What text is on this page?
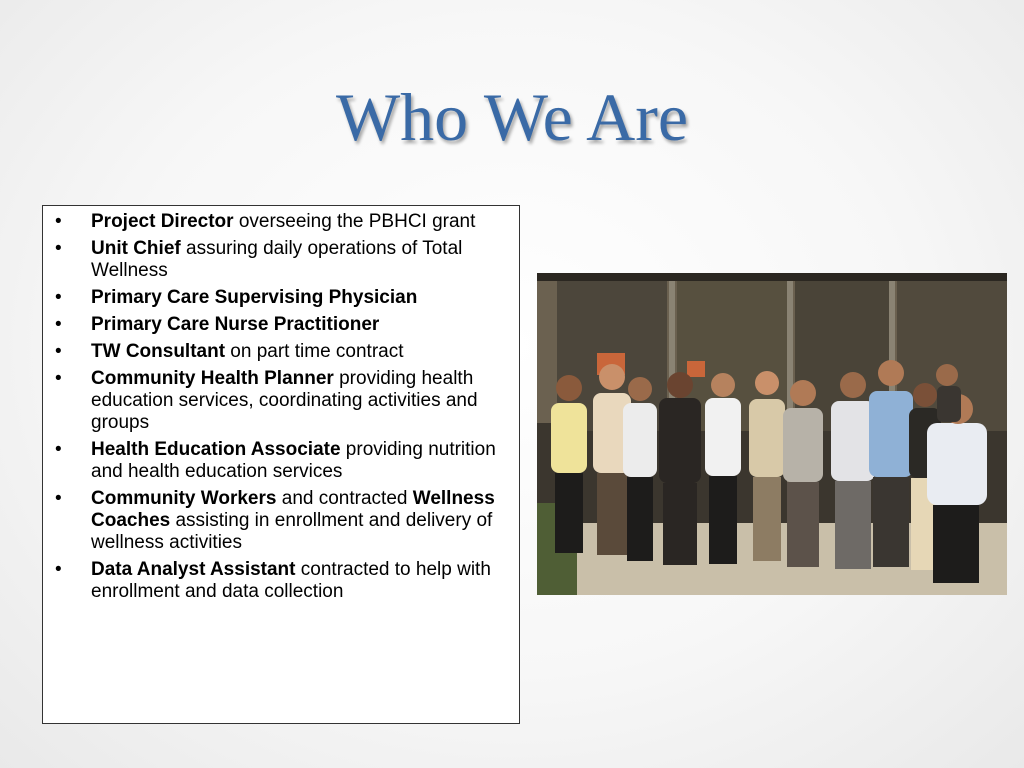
Who We Are
• Project Director overseeing the PBHCI grant
• Unit Chief assuring daily operations of Total Wellness
• Primary Care Supervising Physician
• Primary Care Nurse Practitioner
• TW Consultant on part time contract
• Community Health Planner providing health education services, coordinating activities and groups
• Health Education Associate providing nutrition and health education services
• Community Workers and contracted Wellness Coaches assisting in enrollment and delivery of wellness activities
• Data Analyst Assistant contracted to help with enrollment and data collection
